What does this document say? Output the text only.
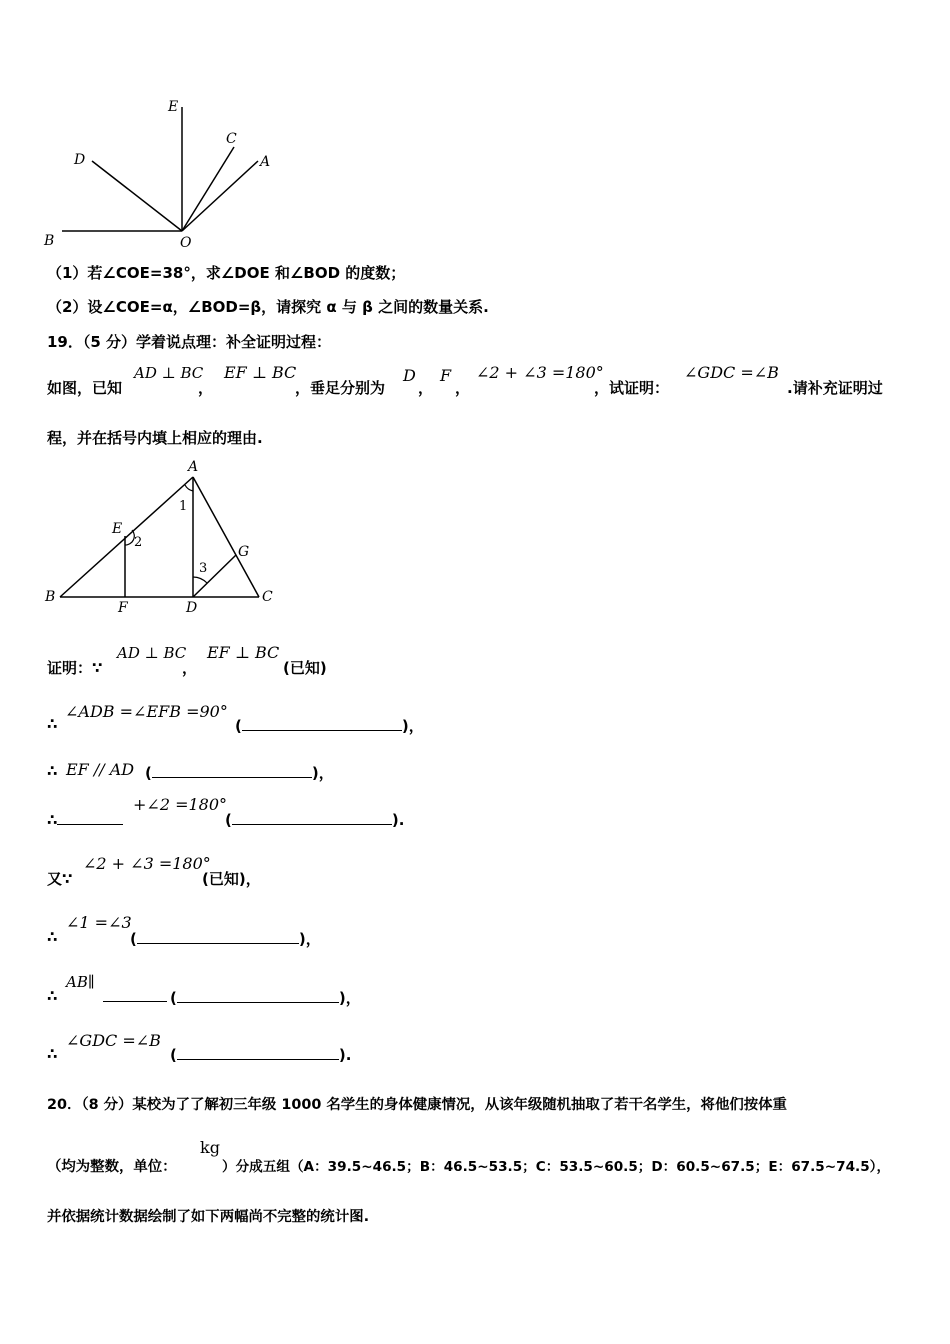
E
C
A
D
B	O
（1）若∠COE=38°，求∠DOE 和∠BOD 的度数；
（2）设∠COE=α，∠BOD=β，请探究 α 与 β 之间的数量关系.
19．（5 分）学着说点理：补全证明过程：
如图，已知
AD ⊥ BC
，
EF ⊥ BC
，垂足分别为
D
，
F
，
∠2 + ∠3 =180°
，试证明：
∠GDC =∠B
.请补充证明过
程，并在括号内填上相应的理由.
A
B	C
D
E
F
G
1
2
3
证明：∵
AD ⊥ BC
，
EF ⊥ BC
(已知)
∴
∠ADB =∠EFB =90°
(	)，
∴ EF // AD (	)，
∴
+∠2 =180°
(	).
又∵
∠2 + ∠3 =180°
(已知)，
∴
∠1 =∠3
(	)，
∴
AB∥
(	)，
∴
∠GDC =∠B
(	).
20．（8 分）某校为了了解初三年级 1000 名学生的身体健康情况，从该年级随机抽取了若干名学生，将他们按体重
（均为整数，单位：
kg
）分成五组（A：39.5~46.5；B：46.5~53.5；C：53.5~60.5；D：60.5~67.5；E：67.5~74.5），
并依据统计数据绘制了如下两幅尚不完整的统计图.
